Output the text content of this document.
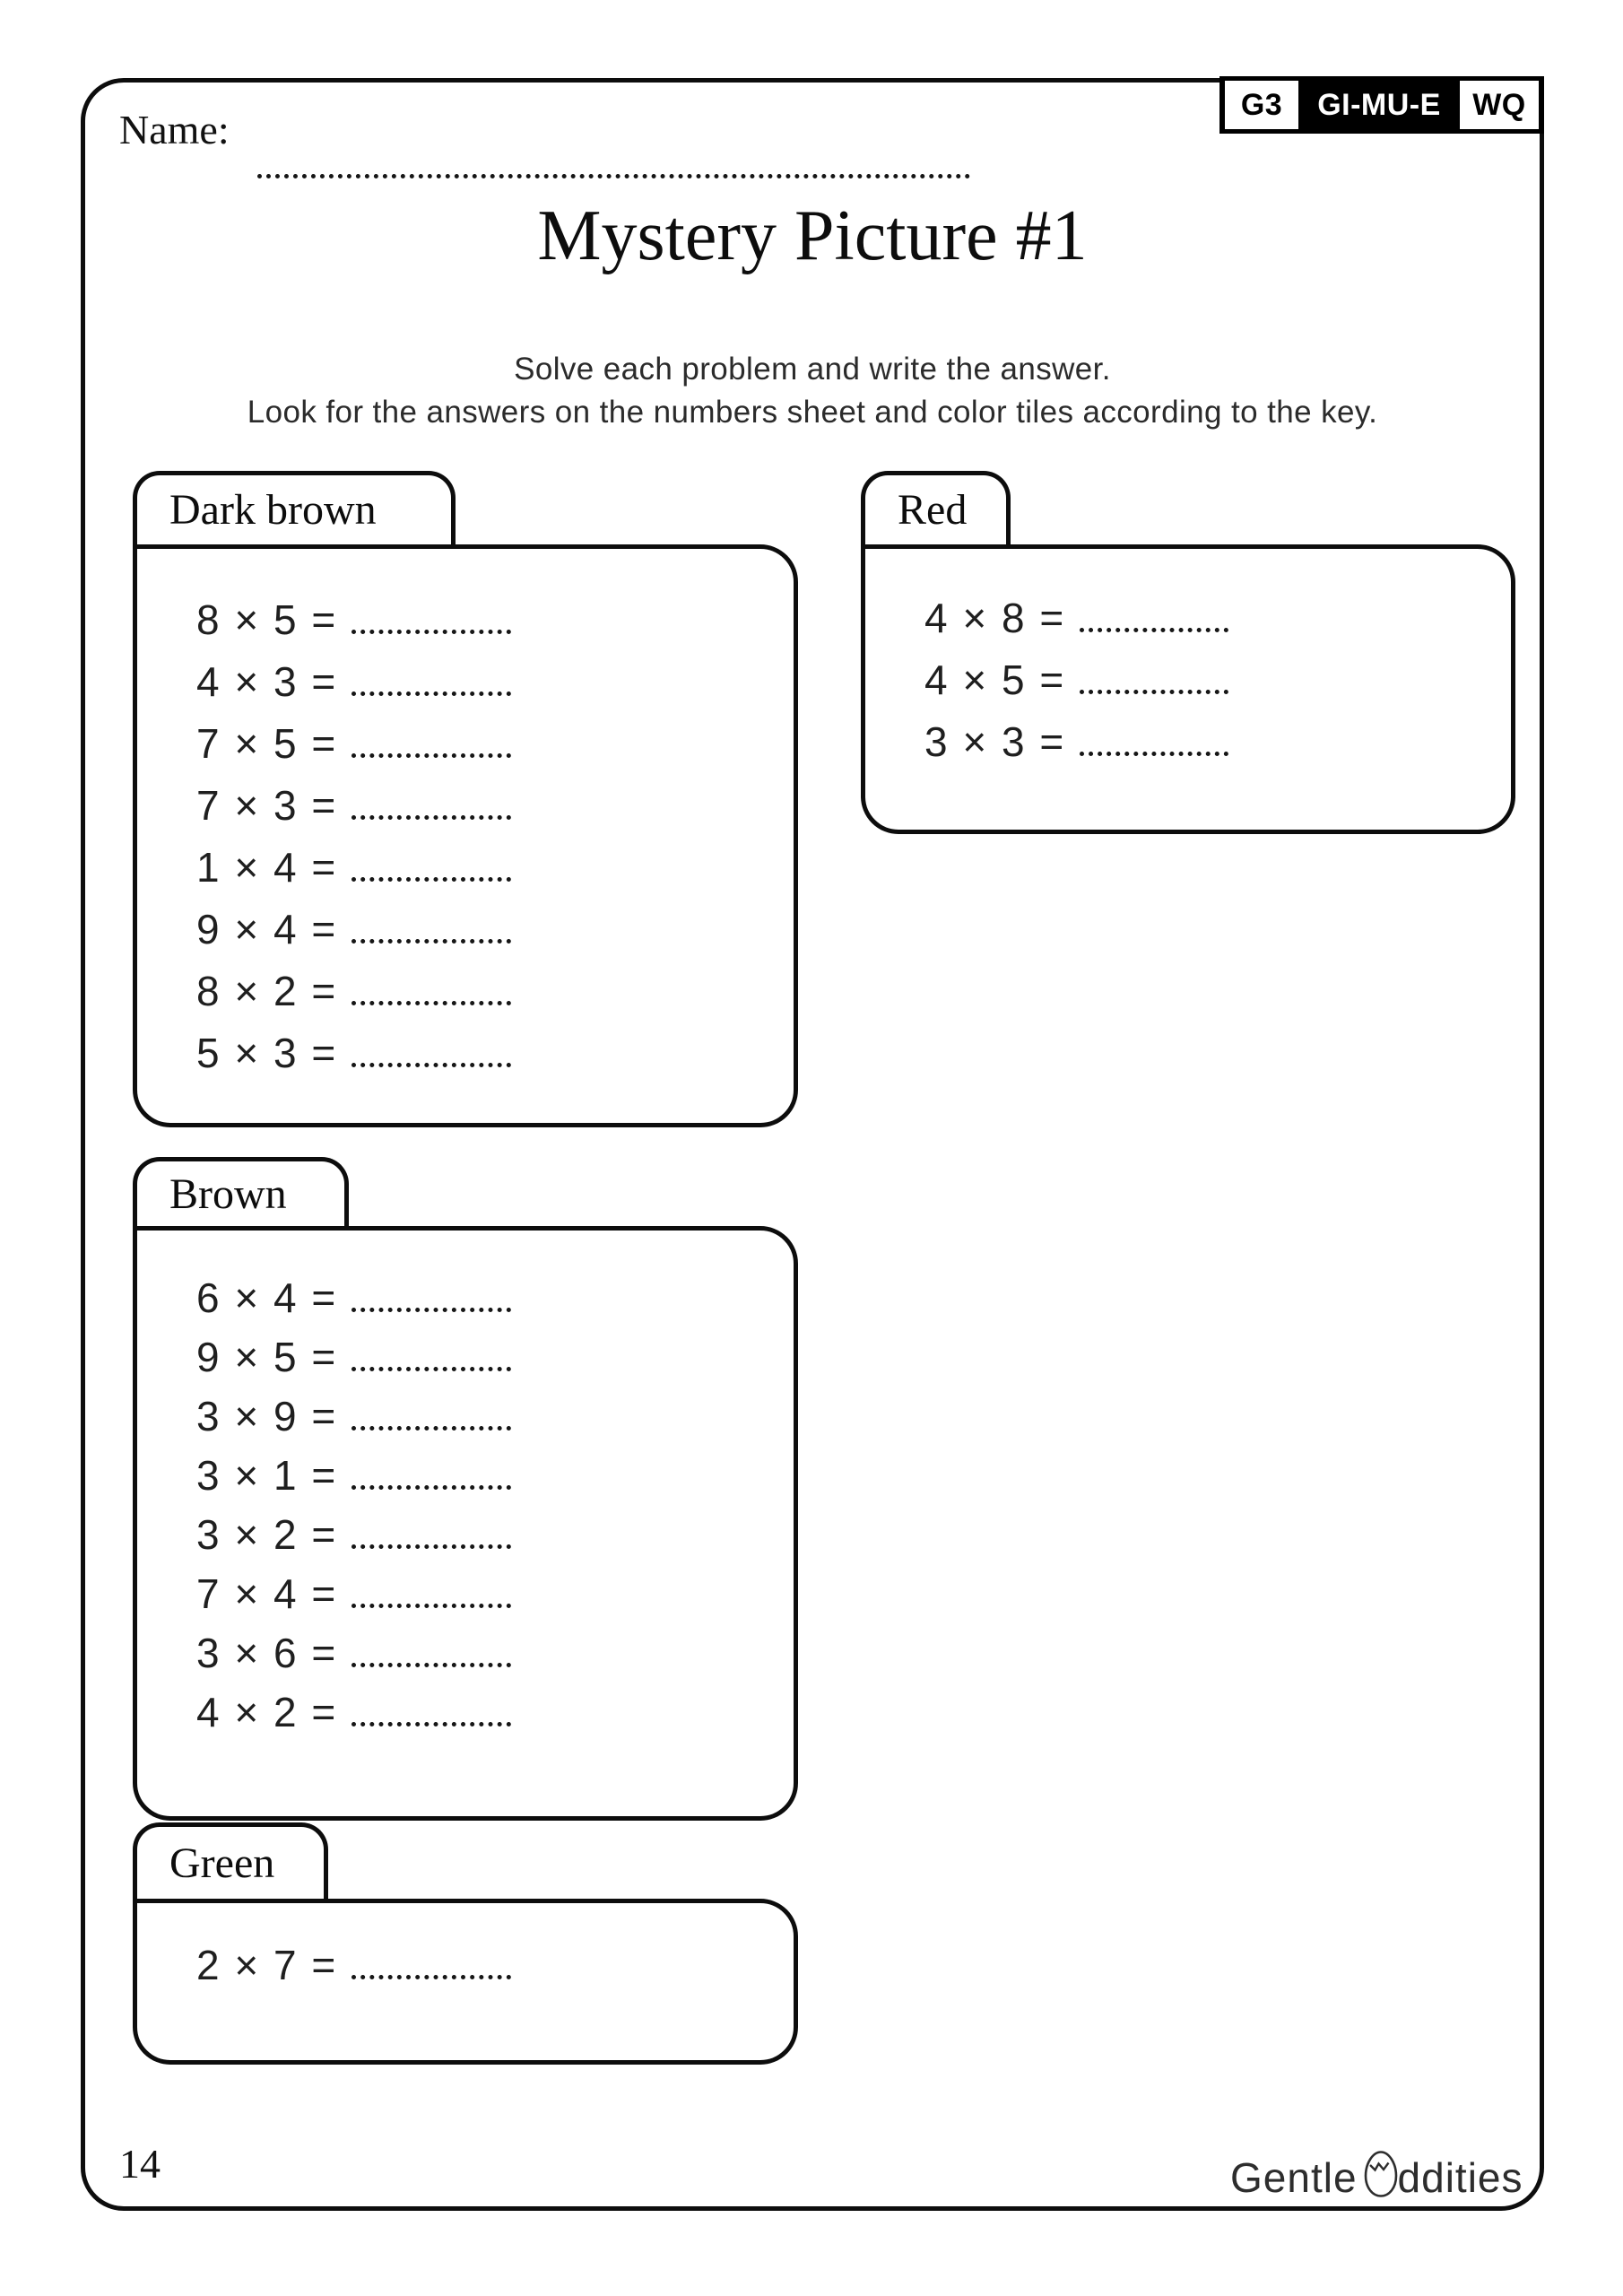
G3 GI-MU-E WQ
Name:
Mystery Picture #1
Solve each problem and write the answer.
Look for the answers on the numbers sheet and color tiles according to the key.
Dark brown
8 × 5 =
4 × 3 =
7 × 5 =
7 × 3 =
1 × 4 =
9 × 4 =
8 × 2 =
5 × 3 =
Red
4 × 8 =
4 × 5 =
3 × 3 =
Brown
6 × 4 =
9 × 5 =
3 × 9 =
3 × 1 =
3 × 2 =
7 × 4 =
3 × 6 =
4 × 2 =
Green
2 × 7 =
14	Gentle ddities
